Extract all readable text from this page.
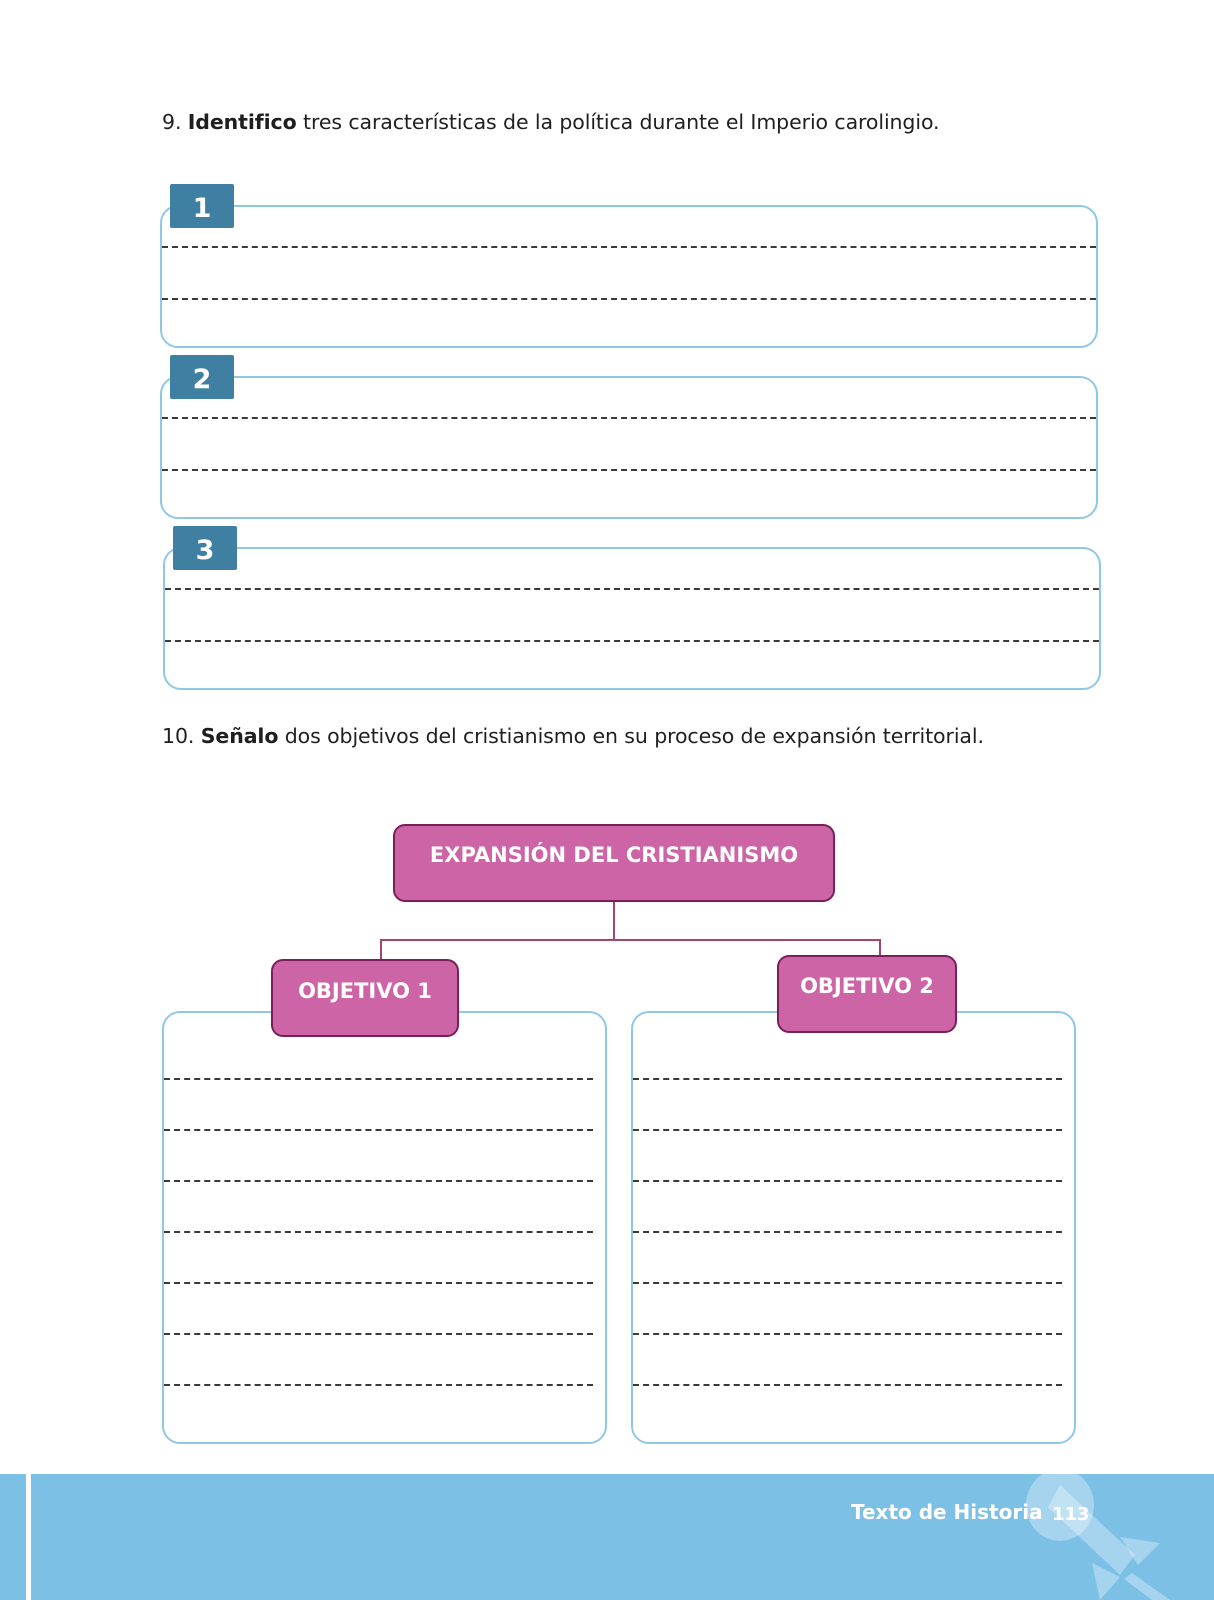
9. Identifico tres características de la política durante el Imperio carolingio.
1
2
3
10. Señalo dos objetivos del cristianismo en su proceso de expansión territorial.
EXPANSIÓN DEL CRISTIANISMO
OBJETIVO 1	OBJETIVO 2
Texto de Historia 113
